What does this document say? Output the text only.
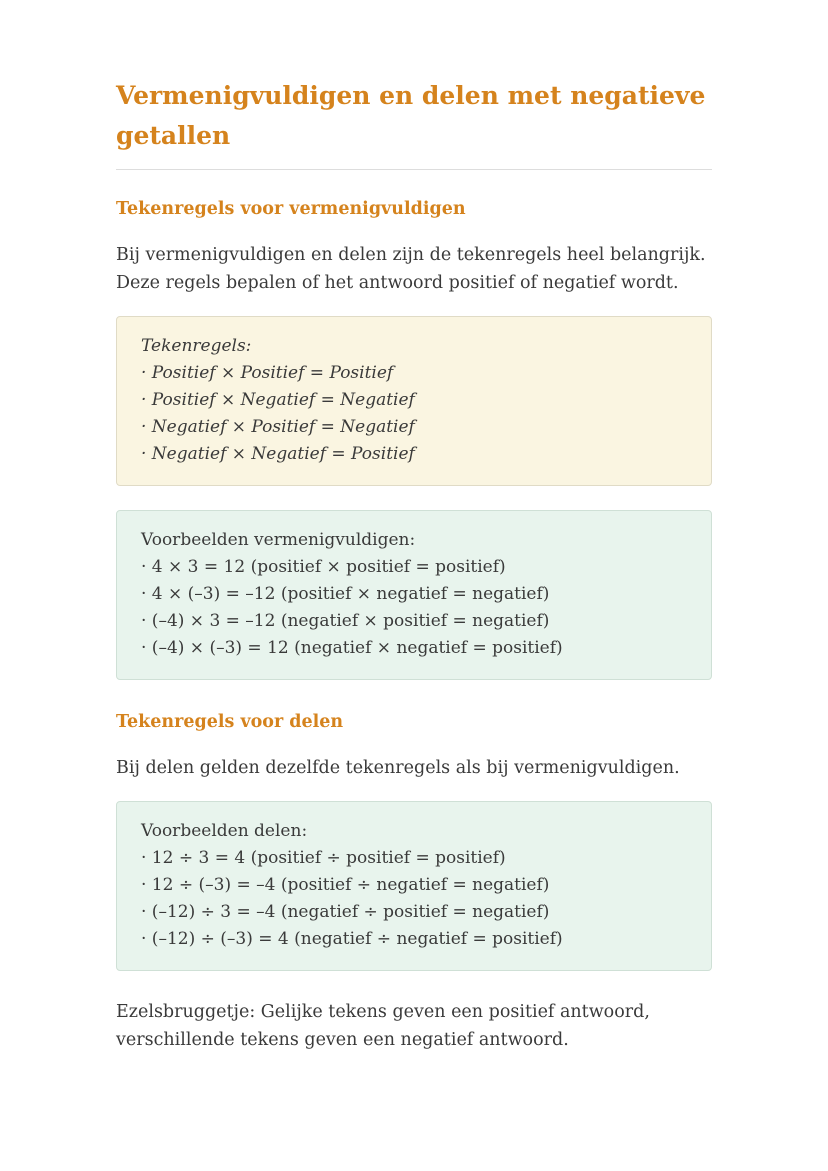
Vermenigvuldigen en delen met negatieve getallen
Tekenregels voor vermenigvuldigen

Bij vermenigvuldigen en delen zijn de tekenregels heel belangrijk. Deze regels bepalen of het antwoord positief of negatief wordt.

Tekenregels:
· Positief × Positief = Positief
· Positief × Negatief = Negatief
· Negatief × Positief = Negatief
· Negatief × Negatief = Positief
Voorbeelden vermenigvuldigen:
· 4 × 3 = 12 (positief × positief = positief)
· 4 × (–3) = –12 (positief × negatief = negatief)
· (–4) × 3 = –12 (negatief × positief = negatief)
· (–4) × (–3) = 12 (negatief × negatief = positief)
Tekenregels voor delen

Bij delen gelden dezelfde tekenregels als bij vermenigvuldigen.

Voorbeelden delen:
· 12 ÷ 3 = 4 (positief ÷ positief = positief)
· 12 ÷ (–3) = –4 (positief ÷ negatief = negatief)
· (–12) ÷ 3 = –4 (negatief ÷ positief = negatief)
· (–12) ÷ (–3) = 4 (negatief ÷ negatief = positief)

Ezelsbruggetje: Gelijke tekens geven een positief antwoord, verschillende tekens geven een negatief antwoord.
